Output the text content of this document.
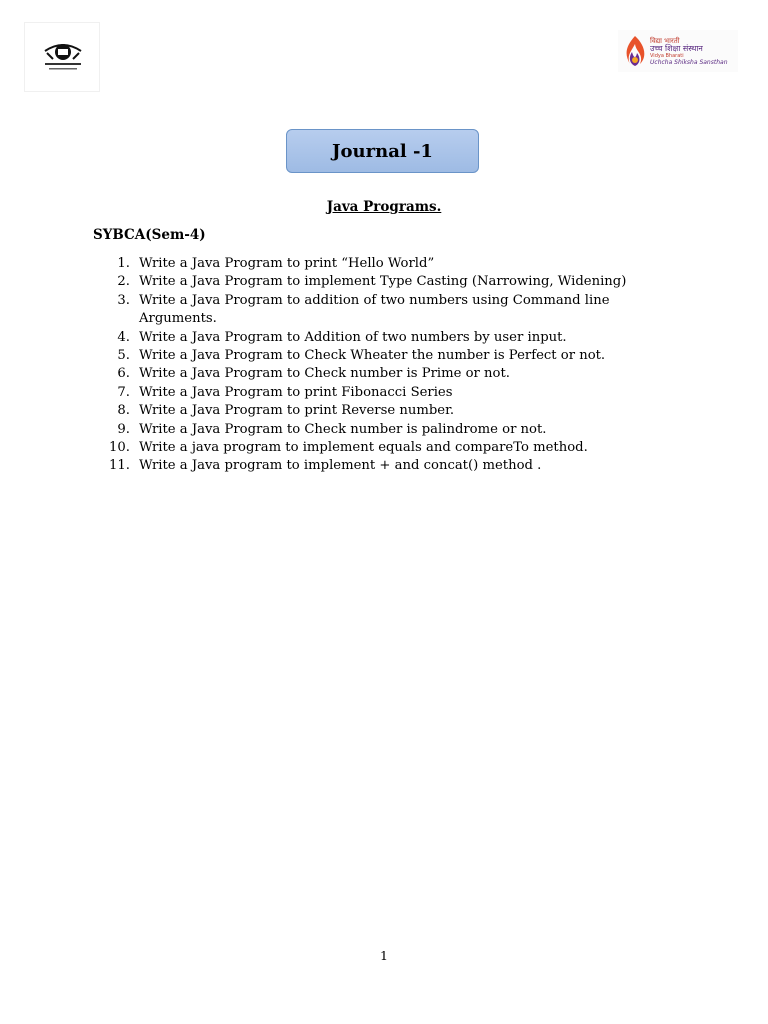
विद्या भारती
उच्च शिक्षा संस्थान
Vidya Bharati
Uchcha Shiksha Sansthan
Journal -1
Java Programs.
SYBCA(Sem-4)
1. Write a Java Program to print “Hello World”
2. Write a Java Program to implement Type Casting (Narrowing, Widening)
3. Write a Java Program to addition of two numbers using Command line Arguments.
4. Write a Java Program to Addition of two numbers by user input.
5. Write a Java Program to Check Wheater the number is Perfect or not.
6. Write a Java Program to Check number is Prime or not.
7. Write a Java Program to print Fibonacci Series
8. Write a Java Program to print Reverse number.
9. Write a Java Program to Check number is palindrome or not.
10. Write a java program to implement equals and compareTo method.
11. Write a Java program to implement + and concat() method .
1
